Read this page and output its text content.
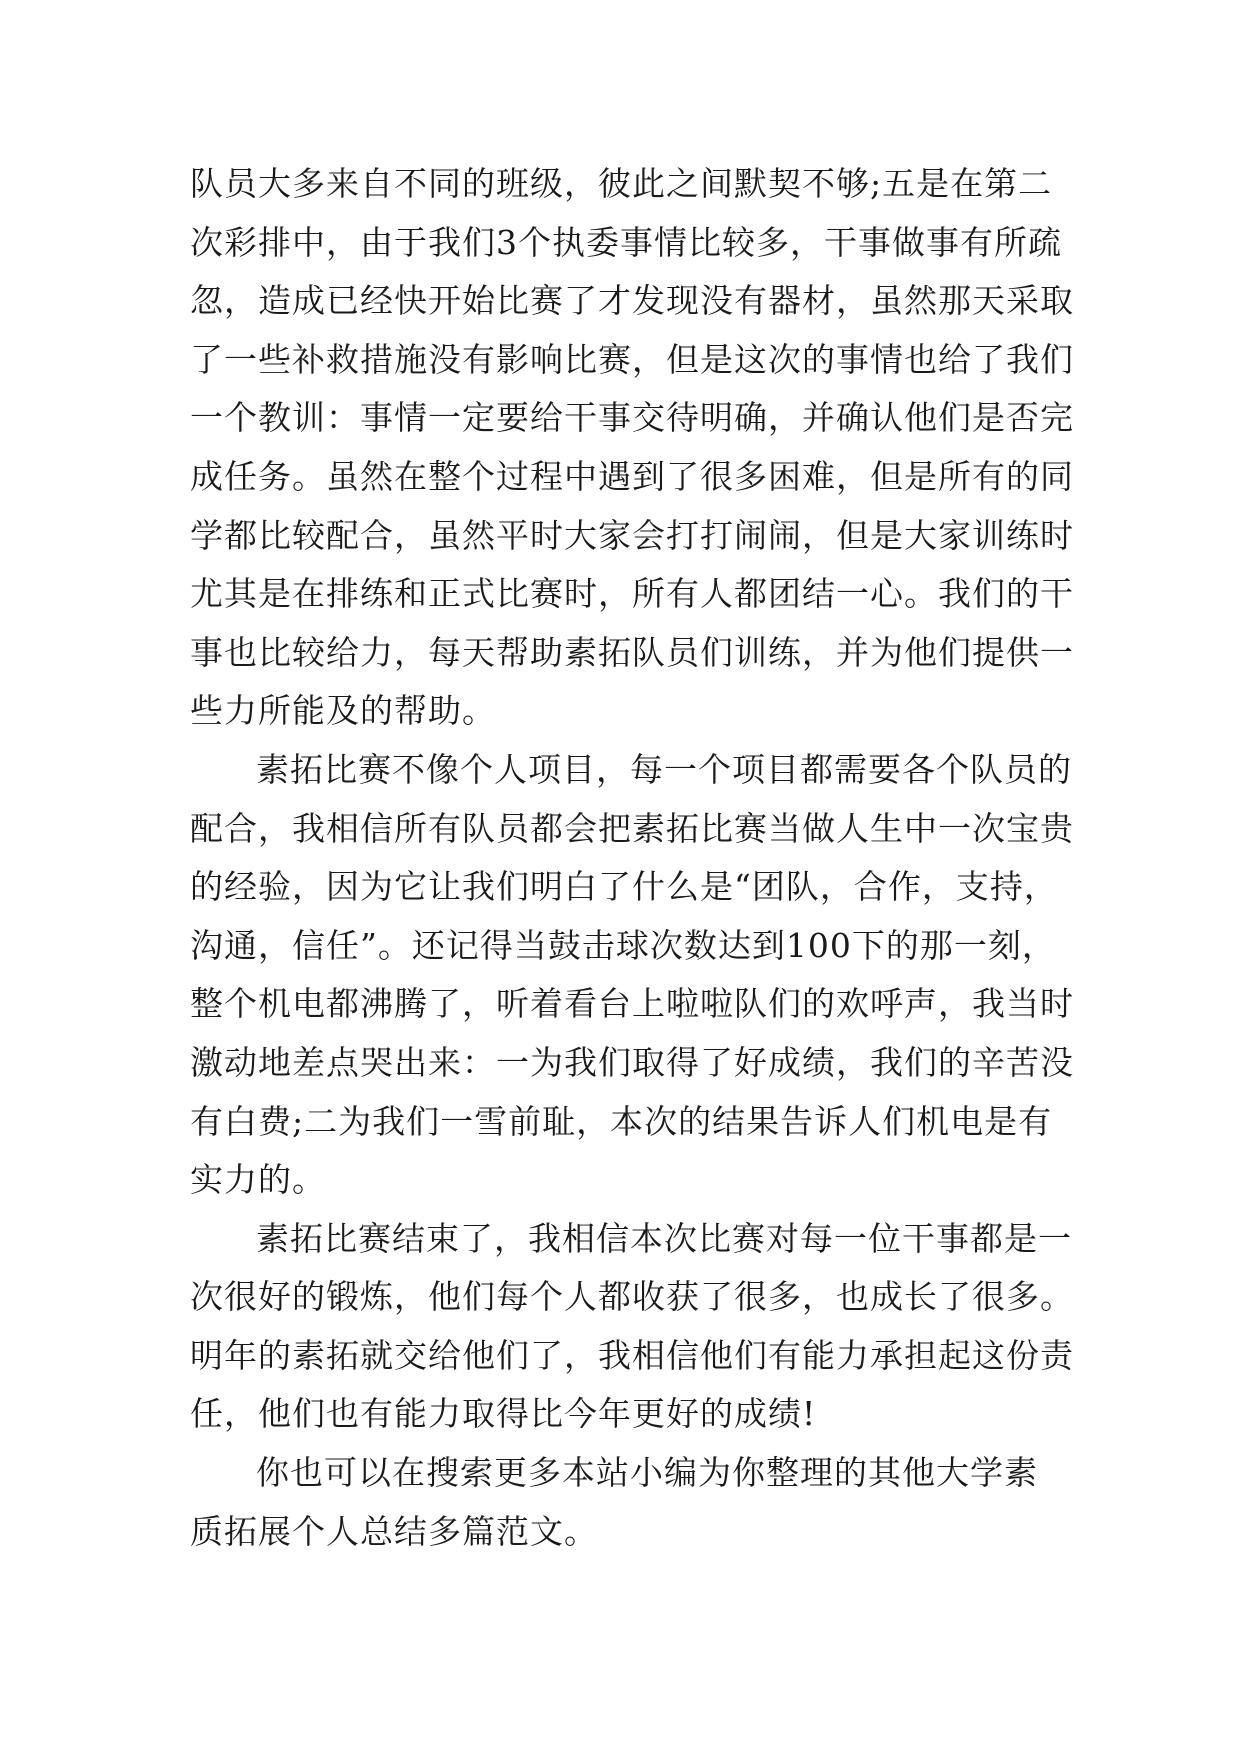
队员大多来自不同的班级，彼此之间默契不够;五是在第二
次彩排中，由于我们3个执委事情比较多，干事做事有所疏
忽，造成已经快开始比赛了才发现没有器材，虽然那天采取
了一些补救措施没有影响比赛，但是这次的事情也给了我们
一个教训：事情一定要给干事交待明确，并确认他们是否完
成任务。虽然在整个过程中遇到了很多困难，但是所有的同
学都比较配合，虽然平时大家会打打闹闹，但是大家训练时
尤其是在排练和正式比赛时，所有人都团结一心。我们的干
事也比较给力，每天帮助素拓队员们训练，并为他们提供一
些力所能及的帮助。
素拓比赛不像个人项目，每一个项目都需要各个队员的
配合，我相信所有队员都会把素拓比赛当做人生中一次宝贵
的经验，因为它让我们明白了什么是“团队，合作，支持，
沟通，信任”。还记得当鼓击球次数达到100下的那一刻，
整个机电都沸腾了，听着看台上啦啦队们的欢呼声，我当时
激动地差点哭出来：一为我们取得了好成绩，我们的辛苦没
有白费;二为我们一雪前耻，本次的结果告诉人们机电是有
实力的。
素拓比赛结束了，我相信本次比赛对每一位干事都是一
次很好的锻炼，他们每个人都收获了很多，也成长了很多。
明年的素拓就交给他们了，我相信他们有能力承担起这份责
任，他们也有能力取得比今年更好的成绩!
你也可以在搜索更多本站小编为你整理的其他大学素
质拓展个人总结多篇范文。
